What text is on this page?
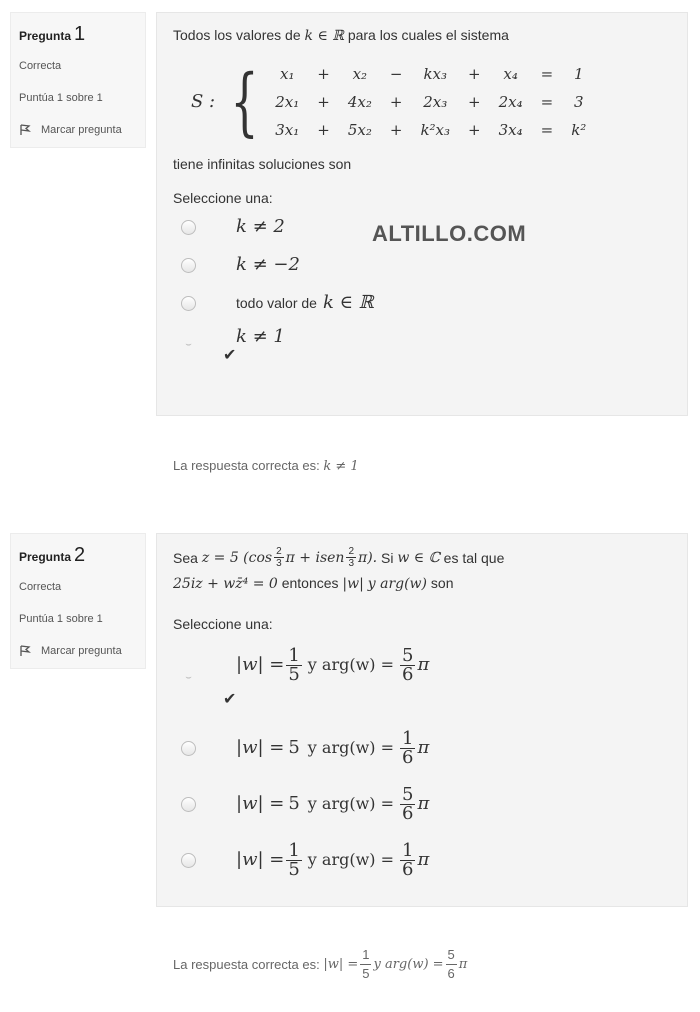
Pregunta 1
Correcta
Puntúa 1 sobre 1
Marcar pregunta
Todos los valores de k ∈ ℝ para los cuales el sistema
S : { x₁	+	x₂	−	kx₃	+	x₄	=	1
2x₁	+	4x₂	+	2x₃	+	2x₄	=	3
3x₁	+	5x₂	+	k²x₃	+	3x₄	=	k²
tiene infinitas soluciones son
Seleccione una:
k ≠ 2
k ≠ −2
todo valor de k ∈ ℝ
⌣
k ≠ 1
✔
La respuesta correcta es: k ≠ 1
ALTILLO.COM
Pregunta 2
Correcta
Puntúa 1 sobre 1
Marcar pregunta
Sea
z = 5 ($\cos \frac{2}{3}$ π + isen $\frac{2}{3} \pi$).
Si
w ∈ ℂ
es tal que
25iz + wz̄⁴ = 0 entonces |w| y arg(w) son
Seleccione una:
⌣
$|w| = \frac{1}{5}$ y $arg(w) = \frac{5}{6}$ π
✔
|w| = 5 y $arg(w) = \frac{1}{6}$ π
|w| = 5 y $arg(w) = \frac{5}{6}$ π
$|w| = \frac{1}{5}$ y $arg(w) = \frac{1}{6}$ π
La respuesta correcta es:
$|w| = \frac{1}{5}$ y $arg(w) = \frac{5}{6}$ π
